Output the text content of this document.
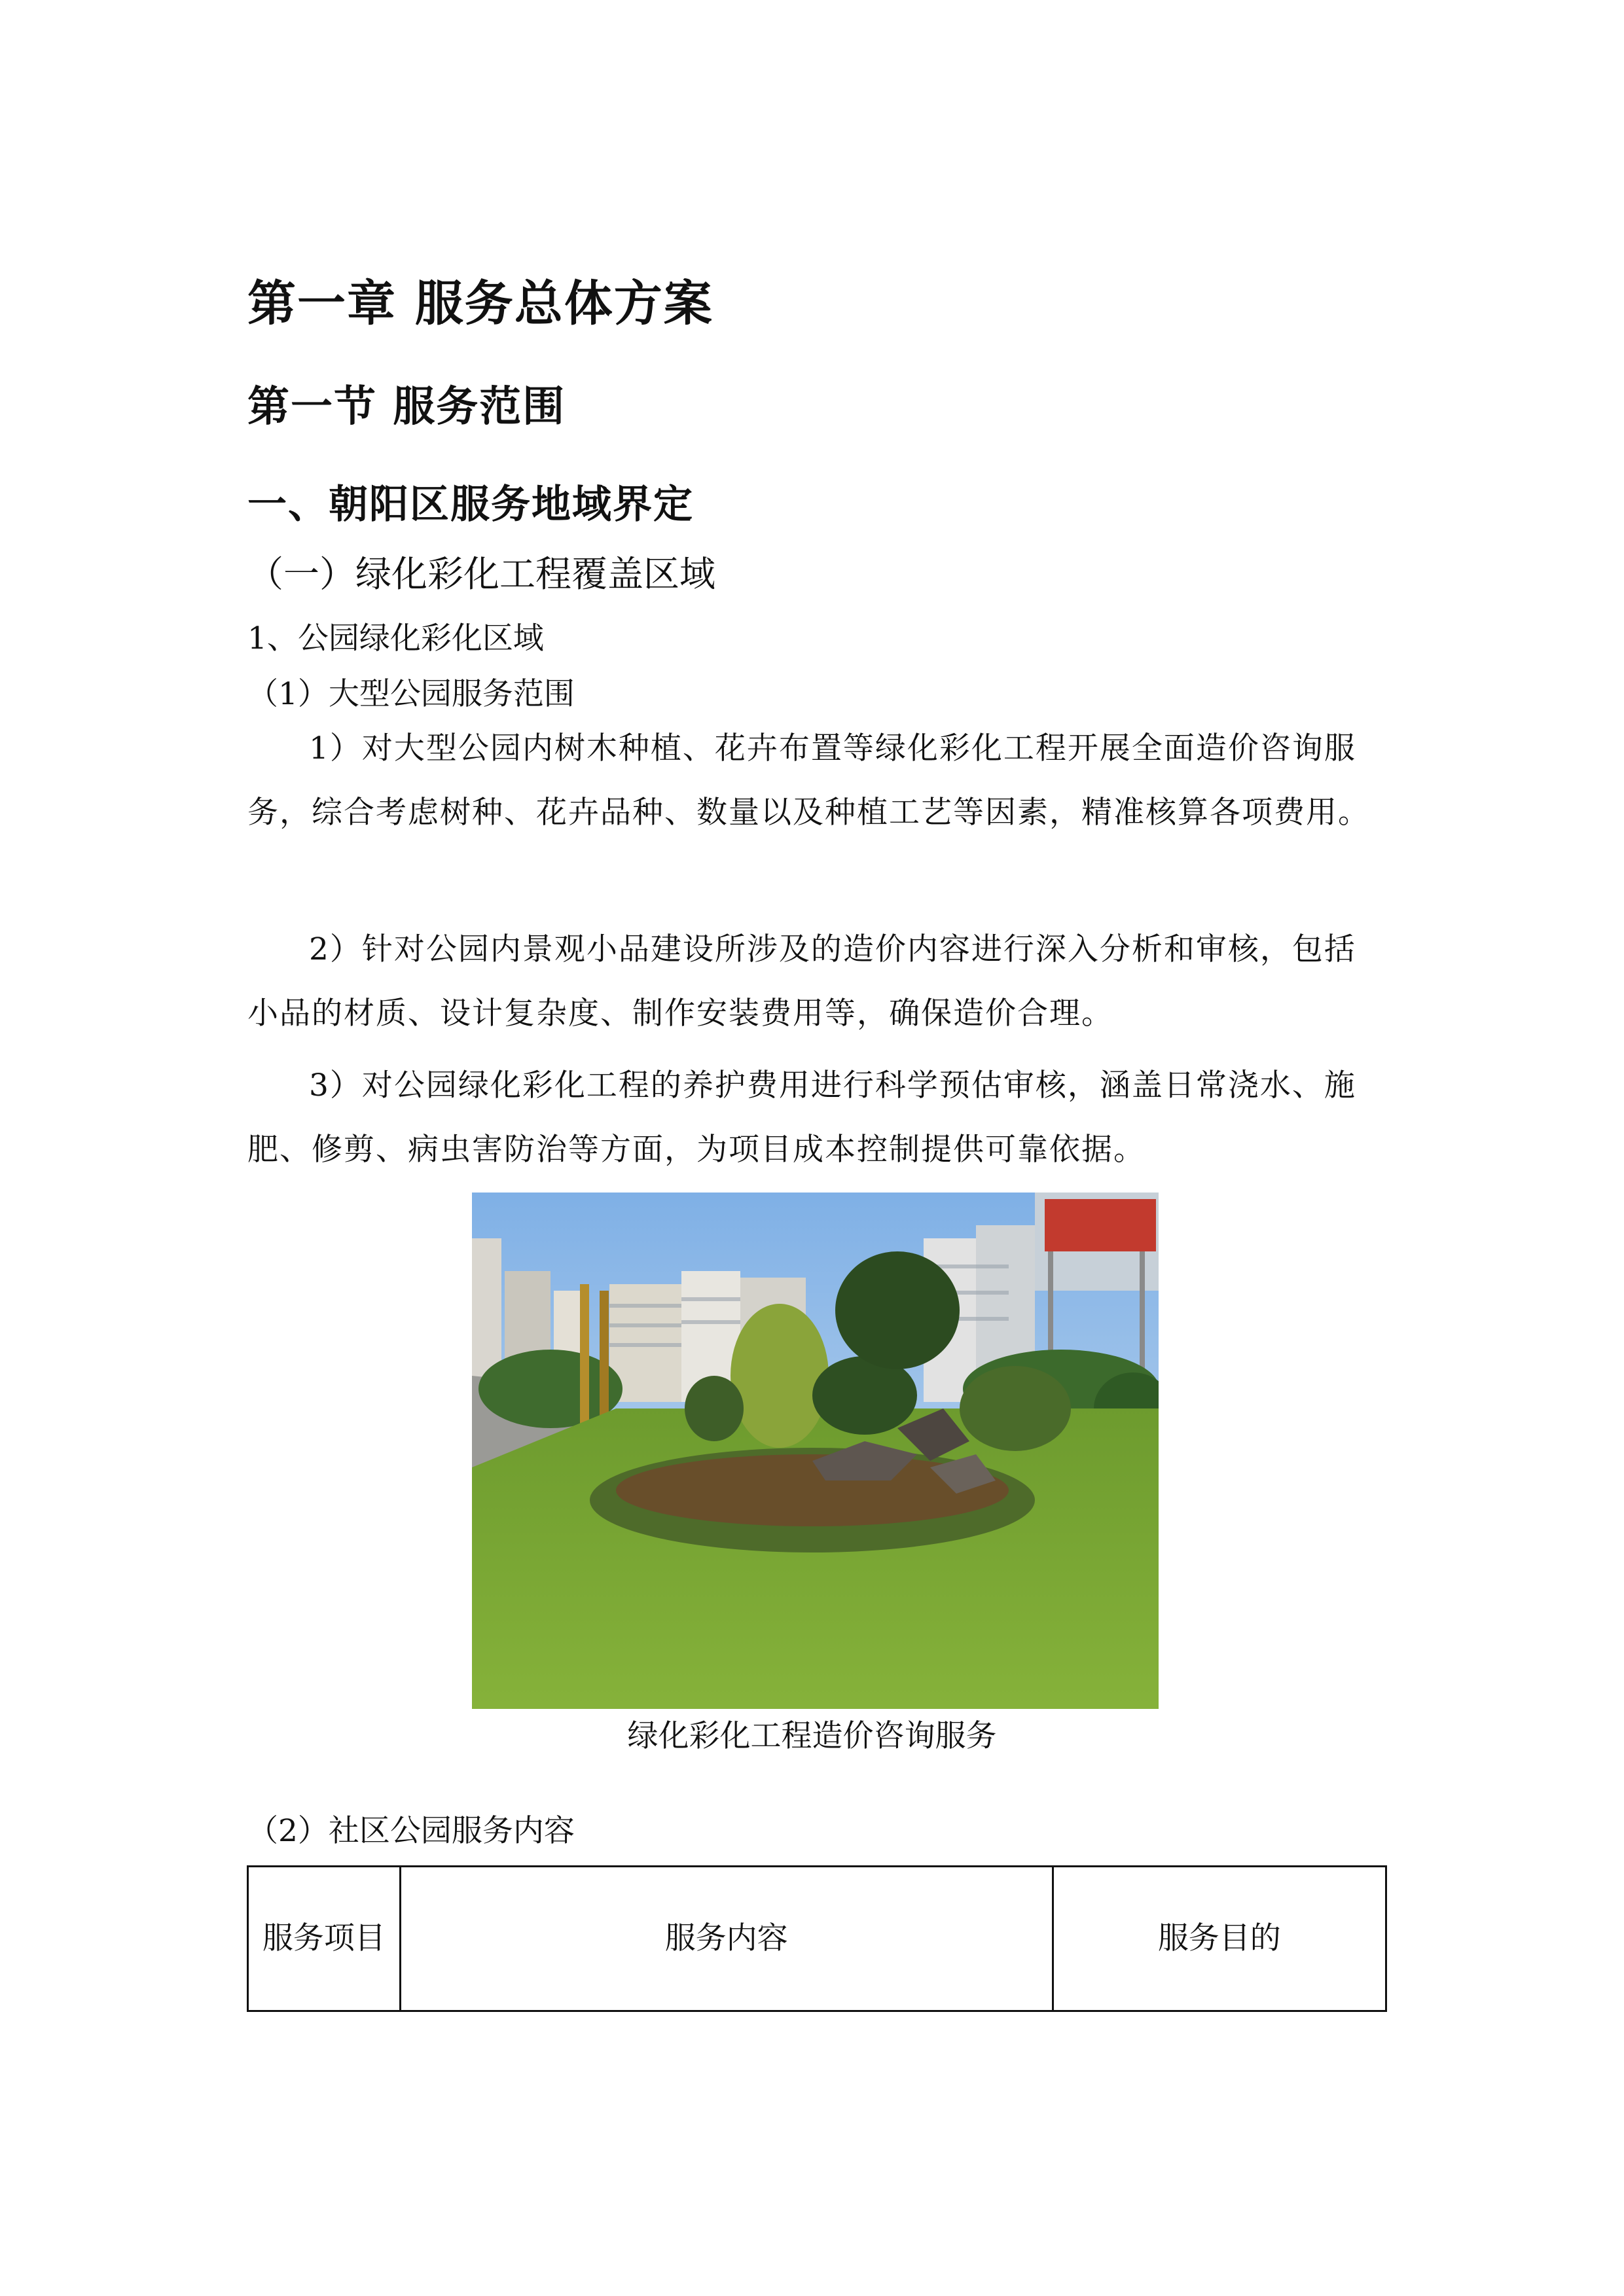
第一章 服务总体方案
第一节 服务范围
一、朝阳区服务地域界定
（一）绿化彩化工程覆盖区域
1、公园绿化彩化区域
（1）大型公园服务范围
1）对大型公园内树木种植、花卉布置等绿化彩化工程开展全面造价咨询服务，综合考虑树种、花卉品种、数量以及种植工艺等因素，精准核算各项费用。
2）针对公园内景观小品建设所涉及的造价内容进行深入分析和审核，包括小品的材质、设计复杂度、制作安装费用等，确保造价合理。
3）对公园绿化彩化工程的养护费用进行科学预估审核，涵盖日常浇水、施肥、修剪、病虫害防治等方面，为项目成本控制提供可靠依据。
绿化彩化工程造价咨询服务
（2）社区公园服务内容
服务项目	服务内容	服务目的
